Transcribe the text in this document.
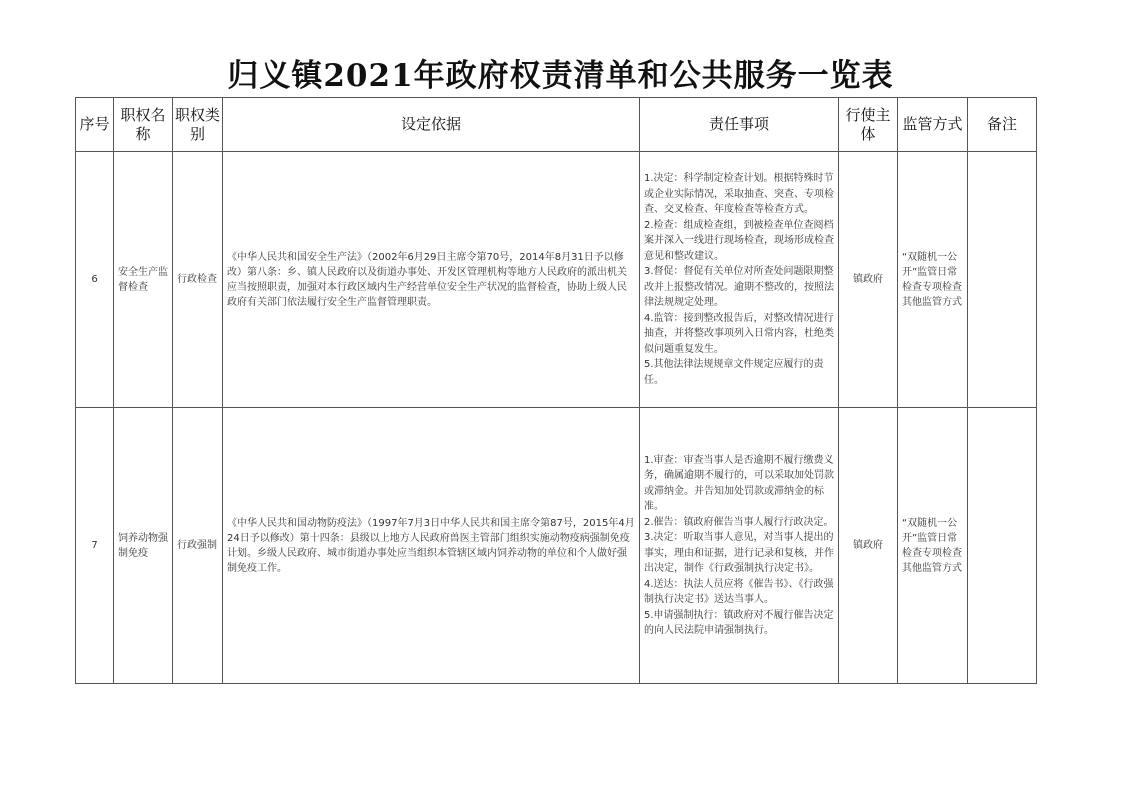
归义镇2021年政府权责清单和公共服务一览表
序号	职权名称	职权类别	设定依据	责任事项	行使主体	监管方式	备注
6	安全生产监督检查	行政检查	《中华人民共和国安全生产法》（2002年6月29日主席令第70号，2014年8月31日予以修改）第八条：乡、镇人民政府以及街道办事处、开发区管理机构等地方人民政府的派出机关应当按照职责，加强对本行政区域内生产经营单位安全生产状况的监督检查，协助上级人民政府有关部门依法履行安全生产监督管理职责。	1.决定：科学制定检查计划。根据特殊时节或企业实际情况，采取抽查、突查、专项检查、交叉检查、年度检查等检查方式。
2.检查：组成检查组，到被检查单位查阅档案并深入一线进行现场检查，现场形成检查意见和整改建议。
3.督促：督促有关单位对所查处问题限期整改并上报整改情况。逾期不整改的，按照法律法规规定处理。
4.监管：接到整改报告后，对整改情况进行抽查，并将整改事项列入日常内容，杜绝类似问题重复发生。
5.其他法律法规规章文件规定应履行的责任。	镇政府	“双随机一公开”监管日常检查专项检查其他监管方式	
7	饲养动物强制免疫	行政强制	《中华人民共和国动物防疫法》（1997年7月3日中华人民共和国主席令第87号，2015年4月24日予以修改）第十四条：县级以上地方人民政府兽医主管部门组织实施动物疫病强制免疫计划。乡级人民政府、城市街道办事处应当组织本管辖区域内饲养动物的单位和个人做好强制免疫工作。	1.审查：审查当事人是否逾期不履行缴费义务，确属逾期不履行的，可以采取加处罚款或滞纳金。并告知加处罚款或滞纳金的标准。
2.催告：镇政府催告当事人履行行政决定。
3.决定：听取当事人意见，对当事人提出的事实，理由和证据，进行记录和复核，并作出决定，制作《行政强制执行决定书》。
4.送达：执法人员应将《催告书》、《行政强制执行决定书》送达当事人。
5.申请强制执行：镇政府对不履行催告决定的向人民法院申请强制执行。	镇政府	“双随机一公开”监管日常检查专项检查其他监管方式	
